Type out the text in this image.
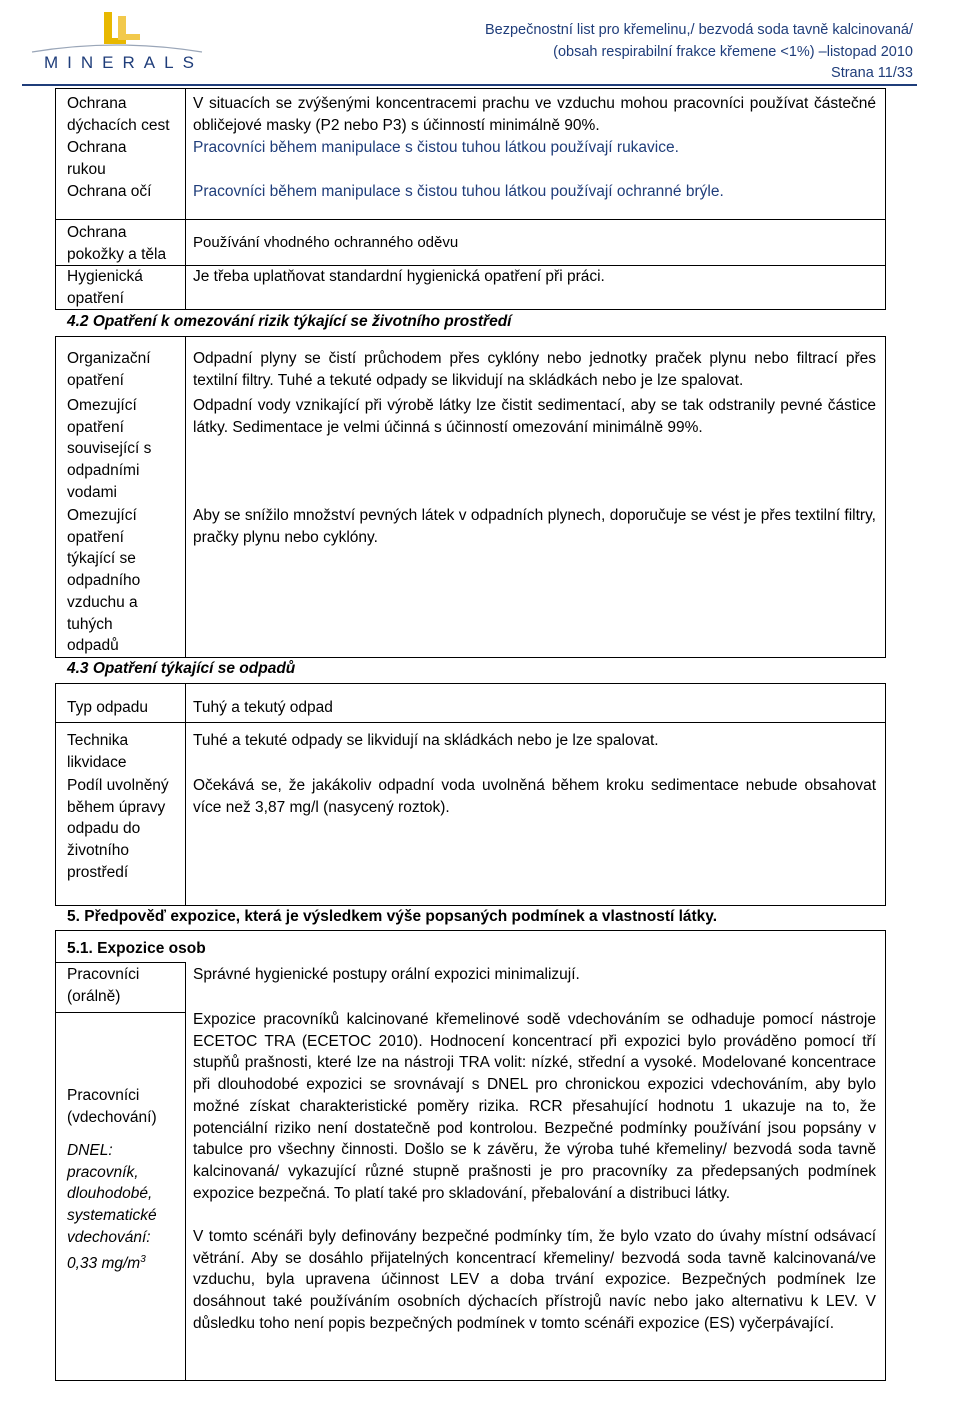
MINERALS
Bezpečnostní list pro křemelinu,/ bezvodá soda tavně kalcinovaná/
(obsah respirabilní frakce křemene <1%) –listopad 2010
Strana 11/33
Ochrana dýchacích cest
V situacích se zvýšenými koncentracemi prachu ve vzduchu mohou pracovníci používat částečné obličejové masky (P2 nebo P3) s účinností minimálně 90%.
Ochrana rukou
Pracovníci během manipulace s čistou tuhou látkou používají rukavice.
Ochrana očí	Pracovníci během manipulace s čistou tuhou látkou používají ochranné brýle.
Ochrana pokožky a těla
Používání vhodného ochranného oděvu
Hygienická opatření
Je třeba uplatňovat standardní hygienická opatření při práci.
4.2 Opatření k omezování rizik týkající se životního prostředí
Organizační opatření
Odpadní plyny se čistí průchodem přes cyklóny nebo jednotky praček plynu nebo filtrací přes textilní filtry. Tuhé a tekuté odpady se likvidují na skládkách nebo je lze spalovat.
Omezující opatření související s odpadními vodami
Odpadní vody vznikající při výrobě látky lze čistit sedimentací, aby se tak odstranily pevné částice látky. Sedimentace je velmi účinná s účinností omezování minimálně 99%.
Omezující opatření týkající se odpadního vzduchu a tuhých odpadů
Aby se snížilo množství pevných látek v odpadních plynech, doporučuje se vést je přes textilní filtry, pračky plynu nebo cyklóny.
4.3 Opatření týkající se odpadů
Typ odpadu	Tuhý a tekutý odpad
Technika likvidace
Tuhé a tekuté odpady se likvidují na skládkách nebo je lze spalovat.
Podíl uvolněný během úpravy odpadu do životního prostředí
Očekává se, že jakákoliv odpadní voda uvolněná během kroku sedimentace nebude obsahovat více než 3,87 mg/l (nasycený roztok).
5. Předpověď expozice, která je výsledkem výše popsaných podmínek a vlastností látky.
5.1. Expozice osob
Pracovníci (orálně)
Správné hygienické postupy orální expozici minimalizují.
Pracovníci (vdechování)
DNEL: pracovník, dlouhodobé, systematické vdechování: 0,33 $mg/m^3$
Expozice pracovníků kalcinované křemelinové sodě vdechováním se odhaduje pomocí nástroje ECETOC TRA (ECETOC 2010). Hodnocení koncentrací při expozici bylo prováděno pomocí tří stupňů prašnosti, které lze na nástroji TRA volit: nízké, střední a vysoké. Modelované koncentrace při dlouhodobé expozici se srovnávají s DNEL pro chronickou expozici vdechováním, aby bylo možné získat charakteristické poměry rizika. RCR přesahující hodnotu 1 ukazuje na to, že potenciální riziko není dostatečně pod kontrolou. Bezpečné podmínky používání jsou popsány v tabulce pro všechny činnosti. Došlo se k závěru, že výroba tuhé křemeliny/ bezvodá soda tavně kalcinovaná/ vykazující různé stupně prašnosti je pro pracovníky za předepsaných podmínek expozice bezpečná. To platí také pro skladování, přebalování a distribuci látky.
V tomto scénáři byly definovány bezpečné podmínky tím, že bylo vzato do úvahy místní odsávací větrání. Aby se dosáhlo přijatelných koncentrací křemeliny/ bezvodá soda tavně kalcinovaná/ve vzduchu, byla upravena účinnost LEV a doba trvání expozice. Bezpečných podmínek lze dosáhnout také používáním osobních dýchacích přístrojů navíc nebo jako alternativu k LEV. V důsledku toho není popis bezpečných podmínek v tomto scénáři expozice (ES) vyčerpávající.
